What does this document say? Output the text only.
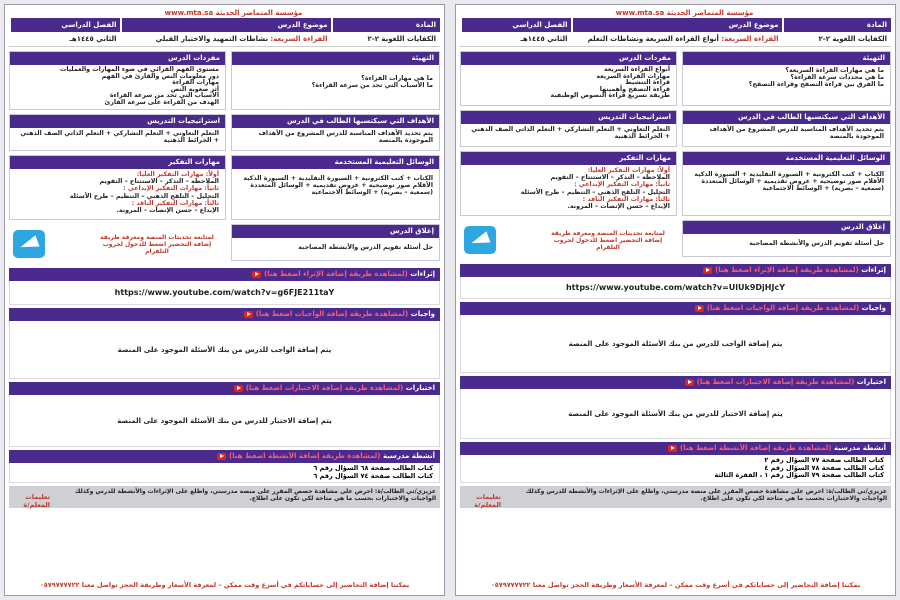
مؤسسة المتماضر الحديثة www.mta.sa
المادة
موضوع الدرس
الفصل الدراسي
الكفايات اللغوية ٢-٢
القراءة السريعة: أنواع القراءة السريعة ونشاطات التعلم
الثاني ١٤٤٥هـ
التهيئة
ما هي مهارات القراءة السريعة؟
ما هي محددات سرعة القراءة؟
ما الفرق بين قراءة التصفح وقراءة التصفح؟
الأهداف التي سيكتسبها الطالب في الدرس
يتم تحديد الأهداف المناسبة للدرس المشروع من الأهداف الموجودة بالمنصة
الوسائل التعليمية المستخدمة
الكتاب + كتب الكترونية + السبورة التقليدية + السبورة الذكية الأقلام صور توضيحية + عروض تقديمية + الوسائل المتعددة (سمعية – بصرية) + الوسائط الاجتماعية
إغلاق الدرس
حل أسئلة تقويم الدرس والأنشطة المصاحبة
مفردات الدرس
أنواع القراءة السريعة
مهارات القراءة السريعة
قراءة التنشيط
قراءة التصفح وأهميتها
طريقة تسريع قراءة النصوص الوظيفية
استراتيجيات التدريس
التعلم التعاوني + التعلم التشاركي + التعلم الذاتي الصف الذهني + الخرائط الذهنية
مهارات التفكير
أولاً: مهارات التفكير العليا:
الملاحظة – التذكر – الاستنتاج – التقويم
ثانياً: مهارات التفكير الإبداعي :
التحليل – التلقح الذهني – التنظيم – طرح الأسئلة
ثالثاً: مهارات التفكير الناقد :
الإبداع – حسن الإنصات – المرونة.
لمتابعة تحديثات المنصة ومعرفة طريقة إضافة التحضير اضغط للدخول لجروب التلقرام
إثراءات (لمشاهدة طريقة إضافة الإثراء اضغط هنا)
https://www.youtube.com/watch?v=UlUk9DjHJcY
واجبات (لمشاهدة طريقة إضافة الواجبات اضغط هنا)
يتم إضافة الواجب للدرس من بنك الأسئلة الموجود على المنصة
اختبارات (لمشاهدة طريقة إضافة الاختبارات اضغط هنا)
يتم إضافة الاختبار للدرس من بنك الأسئلة الموجود على المنصة
أنشطة مدرسية (لمشاهدة طريقة إضافة الأنشطة اضغط هنا)
كتاب الطالب صفحة ٧٧ السؤال رقم ٢
كتاب الطالب صفحة ٧٨ السؤال رقم ٤
كتاب الطالب صفحة ٧٩ السؤال رقم ١ ، الفقرة الثالثة
عزيزي/تي الطالب/ة: احرص على مشاهدة حصص المقرر على منصة مدرستي، واطلع على الإثراءات والأنشطة للدرس وكذلك الواجبات والاختبارات بحسب ما هي متاحة لكي تكون على اطلاع.
تعليمات المعلم/ة
يمكننا إضافة التحاضير إلى حساباتكم في أسرع وقت ممكن – لمعرفة الأسعار وطريقة الحجز تواصل معنا ٠٥٧٩٧٧٧٧٢٢
مؤسسة المتماضر الحديثة www.mta.sa
المادة
موضوع الدرس
الفصل الدراسي
الكفايات اللغوية ٢-٢
القراءة السريعة: نشاطات التمهيد والاختبار القبلي
الثاني ١٤٤٥هـ
التهيئة
ما هي مهارات القراءة؟
ما الأسباب التي تحد من سرعة القراءة؟
الأهداف التي سيكتسبها الطالب في الدرس
يتم تحديد الأهداف المناسبة للدرس المشروع من الأهداف الموجودة بالمنصة
الوسائل التعليمية المستخدمة
الكتاب + كتب الكترونية + السبورة التقليدية + السبورة الذكية الأقلام صور توضيحية + عروض تقديمية + الوسائل المتعددة (سمعية – بصرية) + الوسائط الاجتماعية
إغلاق الدرس
حل أسئلة تقويم الدرس والأنشطة المصاحبة
مفردات الدرس
مستوى الفهم القرائي في ضوء المهارات والعمليات
دور معلومات النص والقارئ في الفهم
مهارات القراءة
أثر صعوبة النص
الأسباب التي تحد من سرعة القراءة
الهدف من القراءة على سرعة القارئ
استراتيجيات التدريس
التعلم التعاوني + التعلم التشاركي + التعلم الذاتي الصف الذهني + الخرائط الذهنية
مهارات التفكير
أولاً: مهارات التفكير العليا:
الملاحظة – التذكر – الاستنتاج – التقويم
ثانياً: مهارات التفكير الإبداعي :
التحليل – التلقح الذهني – التنظيم – طرح الأسئلة
ثالثاً: مهارات التفكير الناقد :
الإبداع – حسن الإنصات – المرونة.
لمتابعة تحديثات المنصة ومعرفة طريقة إضافة التحضير اضغط للدخول لجروب التلقرام
إثراءات (لمشاهدة طريقة إضافة الإثراء اضغط هنا)
https://www.youtube.com/watch?v=g6FJE211taY
واجبات (لمشاهدة طريقة إضافة الواجبات اضغط هنا)
يتم إضافة الواجب للدرس من بنك الأسئلة الموجود على المنصة
اختبارات (لمشاهدة طريقة إضافة الاختبارات اضغط هنا)
يتم إضافة الاختبار للدرس من بنك الأسئلة الموجود على المنصة
أنشطة مدرسية (لمشاهدة طريقة إضافة الأنشطة اضغط هنا)
كتاب الطالب صفحة ٦٨ السؤال رقم ٦
كتاب الطالب صفحة ٧٤ السؤال رقم ٦
عزيزي/تي الطالب/ة: احرص على مشاهدة حصص المقرر على منصة مدرستي، واطلع على الإثراءات والأنشطة للدرس وكذلك الواجبات والاختبارات بحسب ما هي متاحة لكي تكون على اطلاع.
تعليمات المعلم/ة
يمكننا إضافة التحاضير إلى حساباتكم في أسرع وقت ممكن – لمعرفة الأسعار وطريقة الحجز تواصل معنا ٠٥٧٩٧٧٧٧٢٢
